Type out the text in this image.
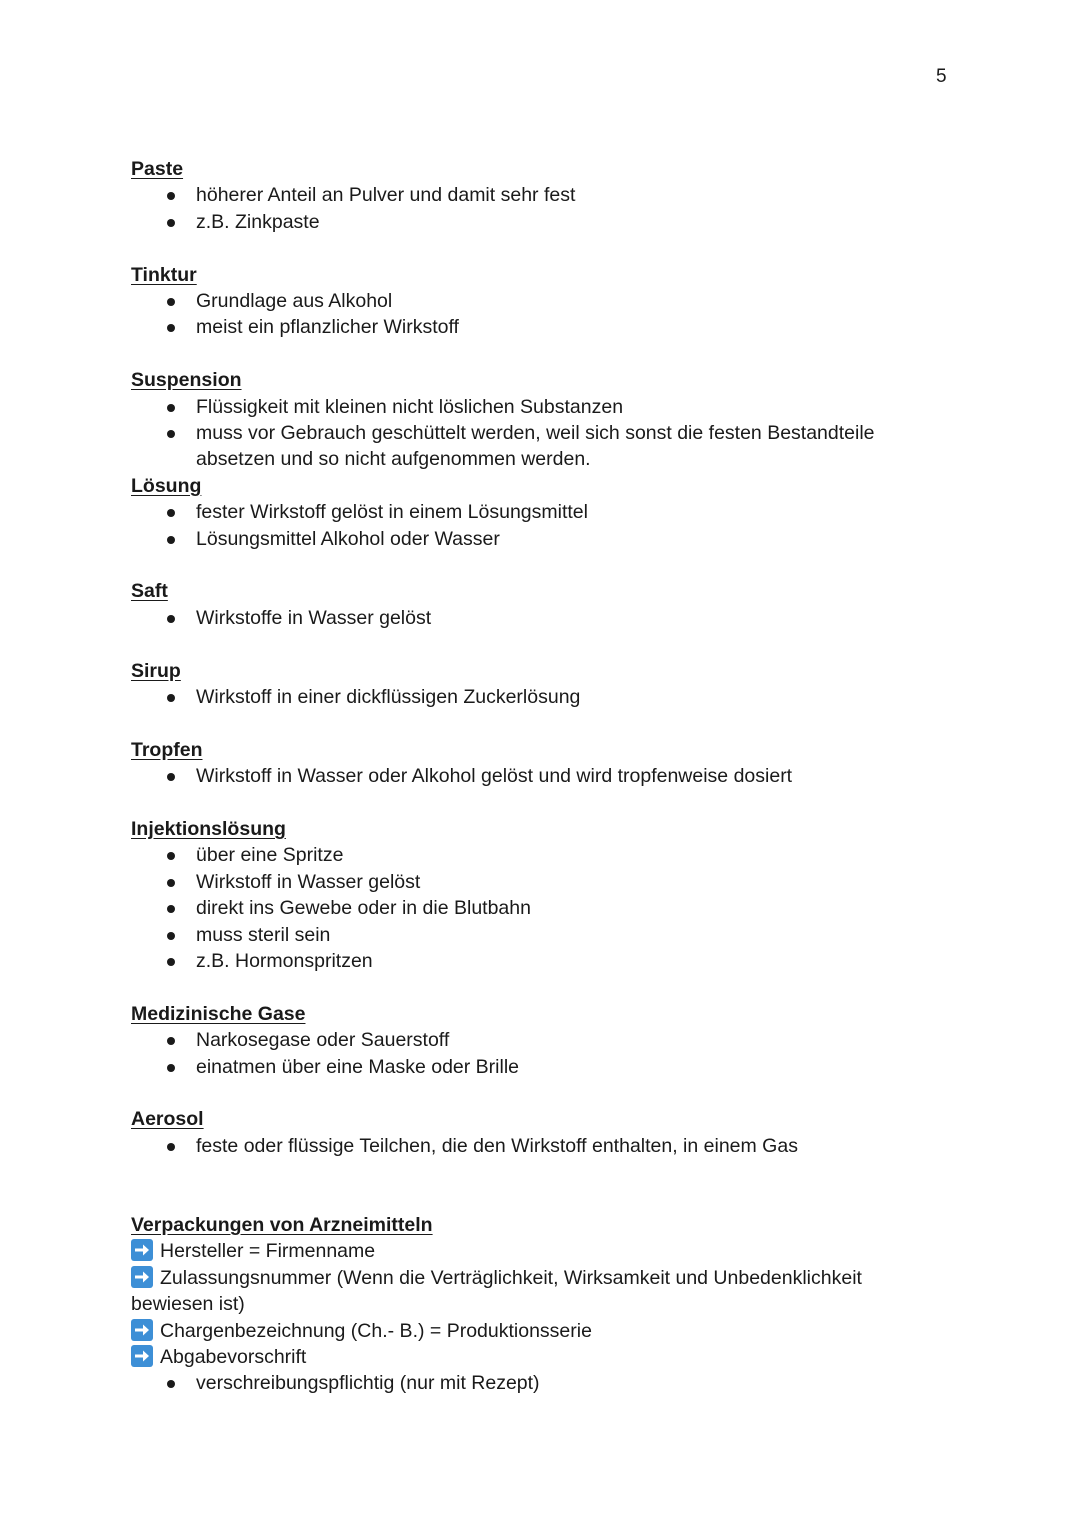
5
Paste
höherer Anteil an Pulver und damit sehr fest
z.B. Zinkpaste
Tinktur
Grundlage aus Alkohol
meist ein pflanzlicher Wirkstoff
Suspension
Flüssigkeit mit kleinen nicht löslichen Substanzen
muss vor Gebrauch geschüttelt werden, weil sich sonst die festen Bestandteile absetzen und so nicht aufgenommen werden.
Lösung
fester Wirkstoff gelöst in einem Lösungsmittel
Lösungsmittel Alkohol oder Wasser
Saft
Wirkstoffe in Wasser gelöst
Sirup
Wirkstoff in einer dickflüssigen Zuckerlösung
Tropfen
Wirkstoff in Wasser oder Alkohol gelöst und wird tropfenweise dosiert
Injektionslösung
über eine Spritze
Wirkstoff in Wasser gelöst
direkt ins Gewebe oder in die Blutbahn
muss steril sein
z.B. Hormonspritzen
Medizinische Gase
Narkosegase oder Sauerstoff
einatmen über eine Maske oder Brille
Aerosol
feste oder flüssige Teilchen, die den Wirkstoff enthalten, in einem Gas
Verpackungen von Arzneimitteln
Hersteller = Firmenname
Zulassungsnummer (Wenn die Verträglichkeit, Wirksamkeit und Unbedenklichkeit bewiesen ist)
Chargenbezeichnung (Ch.- B.) = Produktionsserie
Abgabevorschrift
verschreibungspflichtig (nur mit Rezept)
